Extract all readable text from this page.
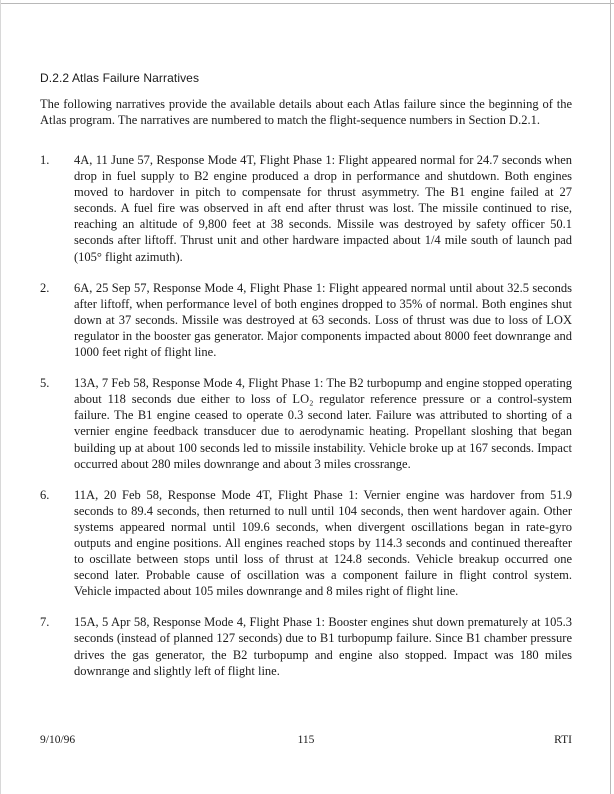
D.2.2 Atlas Failure Narratives

The following narratives provide the available details about each Atlas failure since the beginning of the Atlas program. The narratives are numbered to match the flight-sequence numbers in Section D.2.1.

1. 4A, 11 June 57, Response Mode 4T, Flight Phase 1: Flight appeared normal for 24.7 seconds when drop in fuel supply to B2 engine produced a drop in performance and shutdown. Both engines moved to hardover in pitch to compensate for thrust asymmetry. The B1 engine failed at 27 seconds. A fuel fire was observed in aft end after thrust was lost. The missile continued to rise, reaching an altitude of 9,800 feet at 38 seconds. Missile was destroyed by safety officer 50.1 seconds after liftoff. Thrust unit and other hardware impacted about 1/4 mile south of launch pad (105° flight azimuth).
2. 6A, 25 Sep 57, Response Mode 4, Flight Phase 1: Flight appeared normal until about 32.5 seconds after liftoff, when performance level of both engines dropped to 35% of normal. Both engines shut down at 37 seconds. Missile was destroyed at 63 seconds. Loss of thrust was due to loss of LOX regulator in the booster gas generator. Major components impacted about 8000 feet downrange and 1000 feet right of flight line.
5. 13A, 7 Feb 58, Response Mode 4, Flight Phase 1: The B2 turbopump and engine stopped operating about 118 seconds due either to loss of LO₂ regulator reference pressure or a control-system failure. The B1 engine ceased to operate 0.3 second later. Failure was attributed to shorting of a vernier engine feedback transducer due to aerodynamic heating. Propellant sloshing that began building up at about 100 seconds led to missile instability. Vehicle broke up at 167 seconds. Impact occurred about 280 miles downrange and about 3 miles crossrange.
6. 11A, 20 Feb 58, Response Mode 4T, Flight Phase 1: Vernier engine was hardover from 51.9 seconds to 89.4 seconds, then returned to null until 104 seconds, then went hardover again. Other systems appeared normal until 109.6 seconds, when divergent oscillations began in rate-gyro outputs and engine positions. All engines reached stops by 114.3 seconds and continued thereafter to oscillate between stops until loss of thrust at 124.8 seconds. Vehicle breakup occurred one second later. Probable cause of oscillation was a component failure in flight control system. Vehicle impacted about 105 miles downrange and 8 miles right of flight line.
7. 15A, 5 Apr 58, Response Mode 4, Flight Phase 1: Booster engines shut down prematurely at 105.3 seconds (instead of planned 127 seconds) due to B1 turbopump failure. Since B1 chamber pressure drives the gas generator, the B2 turbopump and engine also stopped. Impact was 180 miles downrange and slightly left of flight line.
9/10/96	115	RTI
